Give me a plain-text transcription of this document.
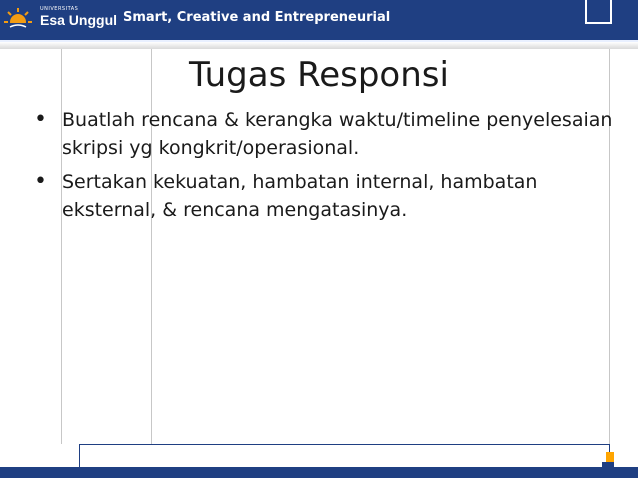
UNIVERSITAS
Esa Unggul Smart, Creative and Entrepreneurial
Tugas Responsi
• Buatlah rencana & kerangka waktu/timeline penyelesaian skripsi yg kongkrit/operasional.
• Sertakan kekuatan, hambatan internal, hambatan eksternal, & rencana mengatasinya.
